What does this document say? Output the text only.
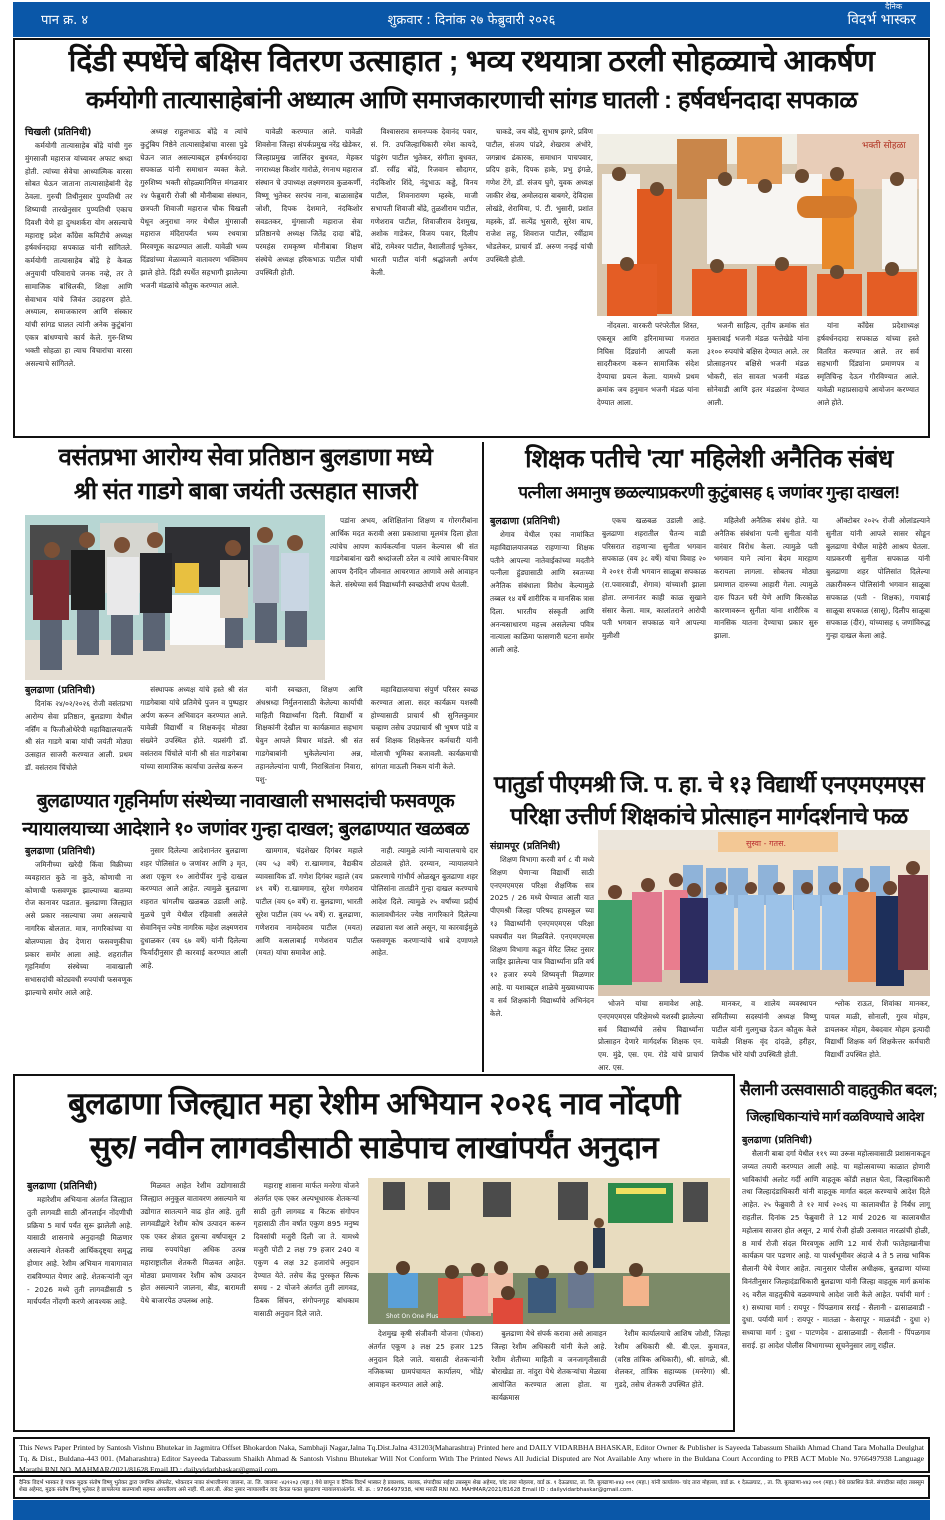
पान क्र. ४	शुक्रवार : दिनांक २७ फेब्रुवारी २०२६
दैनिक
विदर्भ भास्कर
दिंडी स्पर्धेचे बक्षिस वितरण उत्साहात ; भव्य रथयात्रा ठरली सोहळ्याचे आकर्षण
कर्मयोगी तात्यासाहेबांनी अध्यात्म आणि समाजकारणाची सांगड घातली : हर्षवर्धनदादा सपकाळ
चिखली (प्रतिनिधी)

कर्मयोगी तात्यासाहेब बोंद्रे यांची गुरु मुंगसाजी महाराज यांच्यावर अफाट श्रध्दा होती. त्यांच्या सेवेचा आध्यात्मिक वारसा सोबत घेऊन जाताना तात्यासाहेबांनी देह ठेवला. गुरुची तिथीनुसार पुण्यतिथी तर शिष्याची तारखेनुसार पुण्यतिथी एकाच दिवशी येणे हा दुग्धशर्करा योग असल्याचे महाराष्ट्र प्रदेश काँग्रेस कमिटीचे अध्यक्ष हर्षवर्धनदादा सपकाळ यांनी सांगितले. कर्मयोगी तात्यासाहेब बोंद्रे हे केवळ अनुयायी परिवाराचे जनक नव्हे, तर ते सामाजिक बांधिलकी, शिक्षा आणि सेवाभाव यांचे जिवंत उदाहरण होते. अध्यात्म, समाजकारण आणि संस्कार यांची सांगड घालत त्यांनी अनेक कुटुंबांना एकत्र बांधण्याचे कार्य केले. गुरु-शिष्य भक्ती सोहळा हा त्याच विचारांचा वारसा असल्याचे सांगितले.

अध्यक्ष राहुलभाऊ बोंद्रे व त्यांचे कुटुंबिय निष्ठेने तात्यासाहेबांचा वारसा पुढे घेऊन जात असल्याबद्दल हर्षवर्धनदादा सपकाळ यांनी समाधान व्यक्त केले. गुरुशिष्य भक्ती सोहळ्यानिमित्त मंगळवार २४ फेब्रुवारी रोजी श्री मौनीबाबा संस्थान, छत्रपती शिवाजी महाराज चौक चिखली येथून अनुराधा नगर येथील मुंगसाजी महाराज मंदिरापर्यंत भव्य रथयात्रा मिरवणूक काढण्यात आली. यावेळी भव्य दिंड्यांच्या मेळाव्याने वातावरण भक्तिमय झाले होते. दिंडी स्पर्धेत सहभागी झालेल्या भजनी मंडळांचे कौतुक करण्यात आले.

यावेळी करण्यात आले. यावेळी शिवसेना जिल्हा संपर्कप्रमुख नरेंद्र खेडेकर, जिल्हाप्रमुख जालिंदर बुधवत, मेहकर नगराध्यक्ष किशोर गारोळे, रंगनाथ महाराज संस्थान चे उपाध्यक्ष लक्ष्मणराव कुळकर्णी, विष्णू भुतेकर सरपंच नाना, बाळासाहेब जोशी, दिपक देशमाने, नंदकिशोर सवडतकर, मुंगसाजी महाराज सेवा प्रतिष्ठानचे अध्यक्ष जितेंद्र दादा बोंद्रे, परमहंस रामकृष्ण मौनीबाबा शिक्षण संस्थेचे अध्यक्ष हरिकभाऊ पाटील यांची उपस्थिती होती.

विश्वासराव समनप्पक देवानंद पवार, सं. नि. उपजिल्हाधिकारी रमेश कायदे, पांडुरंग पाटील भुतेकर, संगीता बुधवत, डॉ. रवींद्र बोंद्रे, रिजवान सौदागर, नंदकिशोर शिंदे, नंदुभाऊ कड्डे, विनय पाटील, शिवनारायण म्हस्के, माजी सभापती शिवाजी बोंद्रे, तुळशीराम पाटील, गणेशराव पाटील, शिवाजीराव देशमुख, अशोक गाडेकर, विजय पवार, दिलीप बोंद्रे, रामेश्वर पाटील, वैशालीताई भुतेकर, भारती पाटील यांनी श्रद्धांजली अर्पण केली.

चाकडे, जय बोंद्रे, सुभाष झगरे, प्रविण पाटील, संजय पांढरे, शेखराव अंभोरे, जगन्नाथ ढंकारक, समाधान पाचपवार, प्रदिप हाके, दिपक हाके, प्रभु इंगळे, गणेश टेंगे, डॉ. संजय घुगे, युवक अध्यक्ष जाकीर शेख, अमोलदास बाबगरे, देविदास लोखंडे, शेरामिया, पं. टी. भुसारी, प्रशांत महस्के, डॉ. सत्येंद्र भुसारी, सुरेश वाघ, राजेश लहू, शिवराज पाटील, रवींद्राम भोडलेकर, प्राचार्य डॉ. अरुण नन्हई यांची उपस्थिती होती.

भक्ती सोहळा

नोंदवला. वारकरी परंपरेतील शिस्त, एकसूत्र आणि हरिनामाच्या गजरात निघिस दिंड्यांनी आपली कला सादरीकरण करून सामाजिक संदेश देण्याचा प्रयत्न केला. यामध्ये प्रथम क्रमांक जय हनुमान भजनी मंडळ यांना देण्यात आला.

भजनी साहित्य, तृतीय क्रमांक संत मुक्ताबाई भजनी मंडळ फत्तेखेडे यांना ३१०० रुपयांचे बक्षिस देण्यात आले. तर प्रोत्साहनपर बक्षिसे भजनी मंडळ भोकरी, संत सावता भजनी मंडळ सोनेवाडी आणि इतर मंडळांना देण्यात आली.

यांना काँग्रेस प्रदेशाध्यक्ष हर्षवर्धनदादा सपकाळ यांच्या हस्ते वितरित करण्यात आले. तर सर्व सहभागी दिंड्यांना प्रमाणपत्र व स्मृतिचिन्ह देऊन गौरविण्यात आले. यावेळी महाप्रसादाचे आयोजन करण्यात आले होते.

वसंतप्रभा आरोग्य सेवा प्रतिष्ठान बुलडाणा मध्ये
श्री संत गाडगे बाबा जयंती उत्सहात साजरी

पडांना अभय, अशिक्षितांना शिक्षण व गोरगरीबांना आर्थिक मदत करावी असा प्रकाशाचा मूलमंत्र दिला होता त्यांचेच आपण कार्यकर्त्यांना पालन केल्यास श्री संत गाडगेबाबांना खरी श्रध्दांजली ठरेल व त्यांचे आचार-विचार आपण दैनंदिन जीवनात आचरणात आणावे असे आवाहन केले. संस्थेच्या सर्व विद्यार्थ्यांनी स्वच्छतेची शपथ घेतली.

बुलढाणा (प्रतिनिधी)

दिनांक २४/०२/२०२६ रोजी वसंतप्रभा आरोग्य सेवा प्रतिष्ठान, बुलडाणा येथील नर्सिंग व फिजीओथेरेपी महाविद्यालयातर्फे श्री संत गाडगे बाबा यांची जयंती मोठ्या उत्सहात साजरी करण्यात आली. प्रथम डॉ. वसंतराव चिंचोले

संस्थापक अध्यक्ष यांचे हस्ते श्री संत गाडगेबाबा यांचे प्रतिमेचे पुजन व पुष्पहार अर्पण करून अभिवादन करण्यात आले. यावेळी विद्यार्थी व शिक्षकवृंद मोठ्या संख्येने उपस्थित होते. यप्रसंगी डॉ. वसंतराव चिंचोले यांनी श्री संत गाडगेबाबा यांच्या सामाजिक कार्याचा उल्लेख करून

यांनी स्वच्छता, शिक्षण आणि अंधश्रध्दा निर्मुलनासाठी केलेल्या कार्याची माहिती विद्यार्थ्यांना दिली. विद्यार्थी व शिक्षकांनी देखील या कार्यक्रमात सहभाग घेवुन आपले विचार मांडले. श्री संत गाडगेबाबांनी भुकेलेल्यांना अन्न, तहानलेल्यांना पाणी, निराश्रितांना निवारा, पशु-

महाविद्यालयाचा संपुर्ण परिसर स्वच्छ करण्यात आला. सदर कार्यक्रम यशस्वी होण्यासाठी प्राचार्य श्री सुनिलकुमार चव्हाण तसेच उपप्राचार्य श्री भुषण पांडे व सर्व शिक्षक शिक्षकेत्तर कर्मचारी यांनी मोलाची भूमिका बजावली. कार्यक्रमाची सांगता माऊली निकम यांनी केले.

शिक्षक पतीचे 'त्या' महिलेशी अनैतिक संबंध
पत्नीला अमानुष छळल्याप्रकरणी कुटुंबासह ६ जणांवर गुन्हा दाखल!
बुलढाणा (प्रतिनिधी)

शेगाव येथील एका नामांकित महाविद्यालयाजवळ राहणाऱ्या शिक्षक पतीने आपल्या नातेवाईकांच्या मदतीने पत्नीला हुंड्यासाठी आणि स्वतःच्या अनैतिक संबंधाला विरोध केल्यामुळे तब्बल १४ वर्षे शारीरिक व मानसिक त्रास दिला. भारतीय संस्कृती आणि अनन्यसाधारण महत्त्व असलेल्या पवित्र नात्याला काळिमा फासणारी घटना समोर आली आहे.

एकच खळबळ उडाली आहे. बुलढाणा शहरातील चैतन्य वाडी परिसरात राहणाऱ्या सुनीता भगवान सपकाळ (वय ३८ वर्षे) यांचा विवाह २० मे २०११ रोजी भगवान साळूबा सपकाळ (रा.पवारवाडी, शेगाव) यांच्याशी झाला होता. लग्नानंतर काही काळ सुखाने संसार केला. मात्र, कालांतराने आरोपी पती भगवान सपकाळ याने आपल्या मुलीशी

महिलेशी अनैतिक संबंध होते. या अनैतिक संबंधांना पत्नी सुनीता यांनी वारंवार विरोध केला. त्यामुळे पती भगवान याने त्यांना बेदम मारहाण करायला लागला. सोबतच मोठ्या प्रमाणात दारुच्या आहारी गेला. त्यामुळे दारु पिऊन घरी येणे आणि किरकोळ कारणावरून सुनीता यांना शारीरिक व मानसिक यातना देण्याचा प्रकार सुरु झाला.

ऑक्टोबर २०२५ रोजी ओलांडल्याने सुनीता यांनी आपले सासर सोडून बुलढाणा येथील माहेरी आश्रय घेतला. याप्रकरणी सुनीता सपकाळ यांनी बुलढाणा शहर पोलिसांत दिलेल्या तक्रारीवरून पोलिसांनी भगवान साळूबा सपकाळ (पती - शिक्षक), गयाबाई साळूबा सपकाळ (सासू), दिलीप साळूबा सपकाळ (दीर), यांच्यासह ६ जणांविरुद्ध गुन्हा दाखल केला आहे.

बुलढाण्यात गृहनिर्माण संस्थेच्या नावाखाली सभासदांची फसवणूक
न्यायालयाच्या आदेशाने १० जणांवर गुन्हा दाखल; बुलढाण्यात खळबळ
बुलढाणा (प्रतिनिधी)

जमिनीच्या खरेदी किंवा विक्रीच्या व्यवहारात कुठे ना कुठे, कोणाची ना कोणाची फसवणूक झाल्याच्या बातम्या रोज कानावर पडतात. बुलढाणा जिल्ह्यात असे प्रकार नसल्याचा जमा असल्याचे नागरिक बोलतात. मात्र, नागरिकांच्या या बोलण्याला छेद देणारा फसवणुकीचा प्रकार समोर आला आहे. शहरातील गृहनिर्माण संस्थेच्या नावाखाली सभासदांची कोट्यवधी रुपयांची फसवणूक झाल्याचे समोर आले आहे.

नुसार दिलेल्या आदेशानंतर बुलढाणा शहर पोलिसांत ७ जणांवर आणि ३ मृत, अशा एकूण १० आरोपींवर गुन्हे दाखल करण्यात आले आहेत. त्यामुळे बुलढाणा शहरात चांगलीच खळबळ उडाली आहे. मुळचे पुणे येथील रहिवासी असलेले सेवानिवृत्त ज्येष्ठ नागरिक महेश लक्ष्मणराव दुधाळकर (वय ६७ वर्षे) यांनी दिलेल्या फिर्यादीनुसार ही कारवाई करण्यात आली आहे.

खामगाव, चंद्रशेखर दिगंबर महाले (वय ५३ वर्षे) रा.खामगाव, वैद्यकीय व्यावसायिक डॉ. गणेश दिगंबर महाले (वय ४९ वर्षे) रा.खामगाव, सुरेश गणेशराव पाटील (वय ६० वर्षे) रा. बुलढाणा, भारती सुरेश पाटील (वय ५५ वर्षे) रा. बुलढाणा, गणेशराव नामदेवराव पाटील (मयत) आणि वत्सलाबाई गणेशराव पाटील (मयत) यांचा समावेश आहे.

नाही. त्यामुळे त्यांनी न्यायालयाचे दार ठोठावले होते. दरम्यान, न्यायालयाने प्रकरणाचे गांभीर्य ओळखून बुलढाणा शहर पोलिसांना तातडीने गुन्हा दाखल करण्याचे आदेश दिले. त्यामुळे २५ वर्षांच्या प्रदीर्घ कालावधीनंतर ज्येष्ठ नागरिकाने दिलेल्या लढ्याला यश आले असून, या कारवाईमुळे फसवणूक करणाऱ्यांचे धाबे दणाणले आहेत.

पातुर्डा पीएमश्री जि. प. हा. चे १३ विद्यार्थी एनएमएमएस
परिक्षा उत्तीर्ण शिक्षकांचे प्रोत्साहन मार्गदर्शनाचे फळ
संग्रामपूर (प्रतिनिधी)

शिक्षण विभागा करवी वर्ग ८ वी मध्ये शिक्षण घेणाऱ्या विद्यार्थी साठी एनएमएमएस परिक्षा शैक्षणिक सत्र 2025 / 26 मध्ये घेण्यात आली यात पीएमश्री जिल्हा परिषद हायस्कूल च्या १३ विद्यार्थ्यांनी एनएमएमएस परिक्षा घवघवीत यश मिळविले. एनएमएमएस शिक्षण विभागा कडून मेरिट लिस्ट नुसार जाहिर झालेल्या पात्र विद्यार्थ्यांना प्रति वर्ष १२ हजार रुपये शिष्यवृत्ती मिळणार आहे. या यशाबद्दल शाळेचे मुख्याध्यापक व सर्व शिक्षकांनी विद्यार्थ्यांचे अभिनंदन केले.

सुस्वा - गतस.

भोजने यांचा समावेश आहे. एनएमएमएस परिक्षेमध्ये यशस्वी झालेल्या सर्व विद्यार्थ्यांचे तसेच विद्यार्थ्यांना प्रोत्साहन देणारे मार्गदर्शक शिक्षक एन. एम. मुंढे, एस. एम. रोडे यांचे प्राचार्य आर. एस.

मानकर, व शालेय व्यवस्थापन समितीच्या सदस्यांनी अध्यक्ष विष्णु पाटील यांनी गुलगुच्छ देऊन कौतुक केले यावेळी शिक्षक वृंद दांदळे, हरीहर, लिपीक भोरे यांची उपस्थिती होती.

श्लोक राऊत, शिवांका मानकर, पायल माळी, सोनाली, गुरव मोहम, डायलकर मोहम, वेबदवार मोहम इत्यादी विद्यार्थी शिक्षक वर्ग शिक्षकेत्तर कर्मचारी विद्यार्थी उपस्थित होते.

बुलढाणा जिल्ह्यात महा रेशीम अभियान २०२६ नाव नोंदणी
सुरु/ नवीन लागवडीसाठी साडेपाच लाखांपर्यंत अनुदान
बुलढाणा (प्रतिनिधी)

महारेशीम अभियाना अंतर्गत जिल्ह्यात तुती लागवडी साठी ऑनलाईन नोंदणीची प्रक्रिया 5 मार्च पर्यंत सुरू झालेली आहे. यासाठी शासनाचे अनुदानही मिळणार असल्याने शेतकरी आर्थिकदृष्ट्या समृद्ध होणार आहे. रेशीम अभियान गावागावात राबविण्यात येणार आहे. शेतकऱ्यांनी जून - 2026 मध्ये तुती लागवडीसाठी 5 मार्चपर्यंत नोंदणी करणे आवश्यक आहे.

मिळवत आहेत रेशीम उद्योगासाठी जिल्ह्यात अनुकूल वातावरण असल्याने या उद्योगात सातत्याने वाढ होत आहे. तुती लागवडीद्वारे रेशीम कोष उत्पादन करून एक एकर क्षेत्रात दुसऱ्या वर्षापासून 2 लाख रुपयांपेक्षा अधिक उत्पन्न महाराष्ट्रातील शेतकरी मिळवत आहेत. मोठ्या प्रमाणावर रेशीम कोष उत्पादन होत असल्याने जालना, बीड, बारामती येथे बाजारपेठ उपलब्ध आहे.

महाराष्ट्र शासना मार्फत मनरेगा योजने अंतर्गत एक एकर अल्पभूधारक शेतकऱ्यां साठी तुती लागवड व किटक संगोपन गृहासाठी तीन वर्षांत एकुण 895 मनुष्य दिवसांची मजुरी दिली जा ते. यामध्ये मजुरी पोटी 2 लक्ष 79 हजार 240 व एकुण 4 लक्ष 32 हजारांचे अनुदान देण्यात येते. तसेच केंद्र पुरस्कृत सिल्क समग्र - 2 योजने अंतर्गत तुती लागवड, ठिबक सिंचन, संगोपनगृह बांधकाम यासाठी अनुदान दिले जाते.	Shot On One Plus

देशमुख कृषी संजीवनी योजना (पोकरा) अंतर्गत एकूण ३ लक्ष 25 हजार 125 अनुदान दिले जाते. यासाठी शेतकऱ्यांनी नजिकच्या ग्रामपंचायत कार्यालय, भोंडे/ आवाहन करण्यात आले आहे.

बुलढाणा येथे संपर्क करावा असे आवाहन जिल्हा रेशीम अधिकारी यांनी केले आहे. रेशीम शेतीच्या माहिती व जनजागृतीसाठी बोराखेडा ता. नांदुरा येथे शेतकऱ्यांचा मेळावा आयोजित करण्यात आला होता. या कार्यक्रमास

रेशीम कार्यालयाचे आशिष जोशी, जिल्हा रेशीम अधिकारी श्री. बी.एल. कुमावत, (वरिष्ठ तांत्रिक अधिकारी), श्री. सांगळे, श्री. शेलकर, तांत्रिक सहाय्यक (मनरेगा) श्री. गुडदे, तसेच शेतकरी उपस्थित होते.

सैलानी उत्सवासाठी वाहतुकीत बदल;
जिल्हाधिकाऱ्यांचे मार्ग वळविण्याचे आदेश
बुलढाणा (प्रतिनिधी)

सैलानी बाबा दर्गा येथील ११९ व्या उरूस महोत्सवासाठी प्रशासनाकडून जय्यत तयारी करण्यात आली आहे. या महोत्सवाच्या काळात होणारी भाविकांची अलोट गर्दी आणि वाहतूक कोंडी लक्षात घेता, जिल्हाधिकारी तथा जिल्हादंडाधिकारी यांनी वाहतूक मार्गात बदल करण्याचे आदेश दिले आहेत. २५ फेब्रुवारी ते १२ मार्च २०२६ या कालावधीत हे निर्बंध लागू राहतील. दिनांक 25 फेब्रुवारी ते 12 मार्च 2026 या कालावधीत महोत्सव साजरा होत असून, 2 मार्च रोजी होळी उत्सवात नारळांची होळी, 8 मार्च रोजी संदल मिरवणूक आणि 12 मार्च रोजी फातेहाखानीचा कार्यक्रम पार पडणार आहे. या पार्श्वभूमीवर अंदाजे 4 ते 5 लाख भाविक सैलानी येथे येणार आहेत. त्यानुसार पोलीस अधीक्षक, बुलढाणा यांच्या विनंतीनुसार जिल्हादंडाधिकारी बुलढाणा यांनी जिल्हा वाहतूक मार्ग क्रमांक २६ वरील वाहतुकीचे वळवण्याचे आदेश जारी केले आहेत. पर्यायी मार्ग : १) सध्याचा मार्ग : रायपूर - पिंपळगाव सराई - सैलानी - ढासाळवाडी - दुधा. पर्यायी मार्ग : रायपूर - मातळा - केसापूर - माळवंडी - दुधा २) सध्याचा मार्ग : दुधा - पाटणदेव - ढासाळवाडी - सैलानी - पिंपळगाव सराई. हा आदेश पोलीस विभागाच्या सूचनेनुसार लागू राहील.

This News Paper Printed by Santosh Vishnu Bhutekar in Jagmitra Offset Bhokardon Naka, Sambhaji Nagar,Jalna Tq.Dist.Jalna 431203(Maharashtra) Printed here and DAILY VIDARBHA BHASKAR, Editor Owner & Publisher is Sayeeda Tabassum Shaikh Ahmad Chand Tara Mohalla Deulghat Tq. & Dist., Buldana-443 001. (Maharashtra) Editor Sayeeda Tabassum Shaikh Ahmad & Santosh Vishnu Bhutekar Will Not Conform With The Printed News All Judicial Disputed are Not Available Any where in the Buldana Court According to PRB ACT Moble No. 9766497938 Language Marathi RNI NO. MAHMAR/2021/81628 Email ID : dailyvidarbhaskar@gmail.com.
दैनिक विदर्भ भास्कर हे पत्रक मुद्रक संतोष विष्णू भुतेकर द्वारा जगमित्र ऑफसेट, भोकरदन नाका संभाजीनगर जालना, ता. जि. जालना -४३१२०३ (महा.) येथे छापून व दैनिक विदर्भ भास्कर हे प्रकाशक, मालक, संपादीका सईदा तबस्सुम शेख अहेमद, चांद तारा मोहल्ला, वार्ड क्र. १ देऊळघाट, ता. जि. बुलढाणा-४४३ ००१ (महा.) यांनी कार्यालय- चांद तारा मोहल्ला, वार्ड क्र. १ देऊळघाट, , ता. जि. बुलढाणा-४४३ ००१ (महा.) येथे प्रकाशित केले. संपादीका सईदा तबस्सुम शेख अहेमद, मुद्रक संतोष विष्णू भुतेकर हे छापलेल्या बातम्याशी सहमत असतीलच असे नाही. पी.आर.बी. ॲक्ट नुसार न्यायालयीन वाद केवळ फक्त बुलढाणा न्यायालयाअंतर्गत. मो. क्र. : 9766497938, भाषा मराठी RNI NO. MAHMAR/2021/81628 Email ID : dailyvidarbhaskar@gmail.com.
